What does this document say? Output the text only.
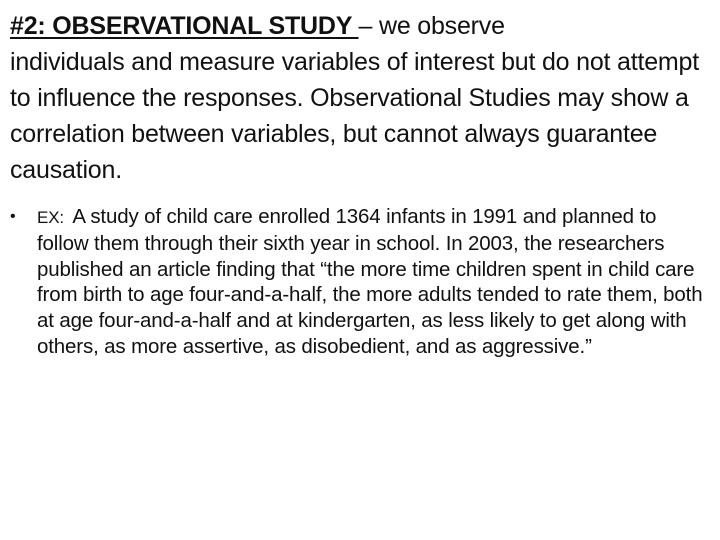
#2: OBSERVATIONAL STUDY – we observe
individuals and measure variables of interest but do not attempt to influence the responses. Observational Studies may show a correlation between variables, but cannot always guarantee causation.

• EX: A study of child care enrolled 1364 infants in 1991 and planned to follow them through their sixth year in school. In 2003, the researchers published an article finding that “the more time children spent in child care from birth to age four-and-a-half, the more adults tended to rate them, both at age four-and-a-half and at kindergarten, as less likely to get along with others, as more assertive, as disobedient, and as aggressive.”
